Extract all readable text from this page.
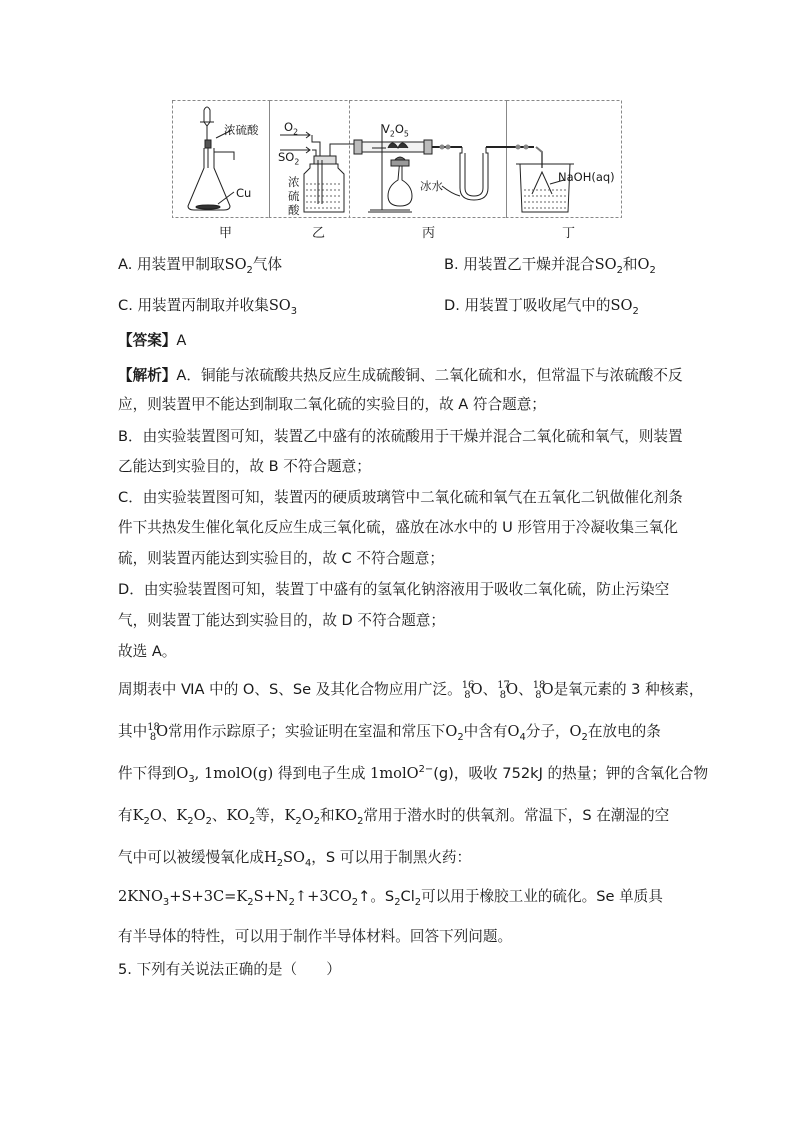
浓硫酸
Cu
$O_2$
$SO_2$
浓
硫
酸
$V_2O_5$
冰水
NaOH(aq)
甲	乙	丙	丁
A. 用装置甲制取$SO_2$气体	B. 用装置乙干燥并混合$SO_2$和$O_2$
C. 用装置丙制取并收集$SO_3$	D. 用装置丁吸收尾气中的$SO_2$
【答案】A
【解析】A．铜能与浓硫酸共热反应生成硫酸铜、二氧化硫和水，但常温下与浓硫酸不反
应，则装置甲不能达到制取二氧化硫的实验目的，故 A 符合题意；
B．由实验装置图可知，装置乙中盛有的浓硫酸用于干燥并混合二氧化硫和氧气，则装置
乙能达到实验目的，故 B 不符合题意；
C．由实验装置图可知，装置丙的硬质玻璃管中二氧化硫和氧气在五氧化二钒做催化剂条
件下共热发生催化氧化反应生成三氧化硫，盛放在冰水中的 U 形管用于冷凝收集三氧化
硫，则装置丙能达到实验目的，故 C 不符合题意；
D．由实验装置图可知，装置丁中盛有的氢氧化钠溶液用于吸收二氧化硫，防止污染空
气，则装置丁能达到实验目的，故 D 不符合题意；
故选 A。
周期表中 ⅥA 中的 O、S、Se 及其化合物应用广泛。$^{16}_8$O、$^{17}_8$O、$^{18}_8$O是氧元素的 3 种核素，
其中$^{18}_8$O常用作示踪原子；实验证明在室温和常压下$O_2$中含有$O_4$分子，$O_2$在放电的条
件下得到$O_3$, 1molO(g) 得到电子生成 1molO$^{2-}$(g)，吸收 752kJ 的热量；钾的含氧化合物
有$K_2O$、$K_2O_2$、$KO_2$等，$K_2O_2$和$KO_2$常用于潜水时的供氧剂。常温下，S 在潮湿的空
气中可以被缓慢氧化成$H_2SO_4$，S 可以用于制黑火药：
$2KNO_3+S+3C=K_2S+N_2↑+3CO_2↑$。$S_2Cl_2$可以用于橡胶工业的硫化。Se 单质具
有半导体的特性，可以用于制作半导体材料。回答下列问题。
5. 下列有关说法正确的是（　　）
